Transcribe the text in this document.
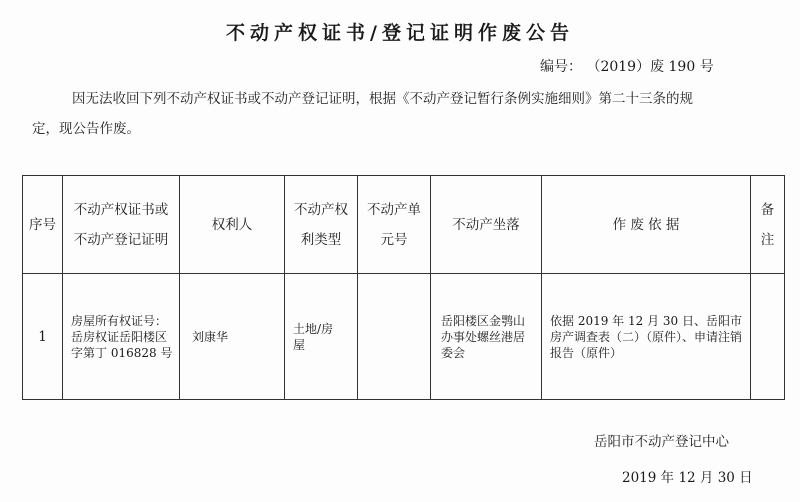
不动产权证书/登记证明作废公告
编号： （2019）废 190 号
因无法收回下列不动产权证书或不动产登记证明，根据《不动产登记暂行条例实施细则》第二十三条的规
定，现公告作废。
序号	不动产权证书或不动产登记证明	权利人	不动产权利类型	不动产单元号	不动产坐落	作 废 依 据	备 注
1	房屋所有权证号：岳房权证岳阳楼区字第丁 016828 号	刘康华	土地/房屋		岳阳楼区金鹗山办事处螺丝港居委会	依据 2019 年 12 月 30 日、岳阳市房产调查表（二）（原件）、申请注销报告（原件）	
岳阳市不动产登记中心
2019 年 12 月 30 日
